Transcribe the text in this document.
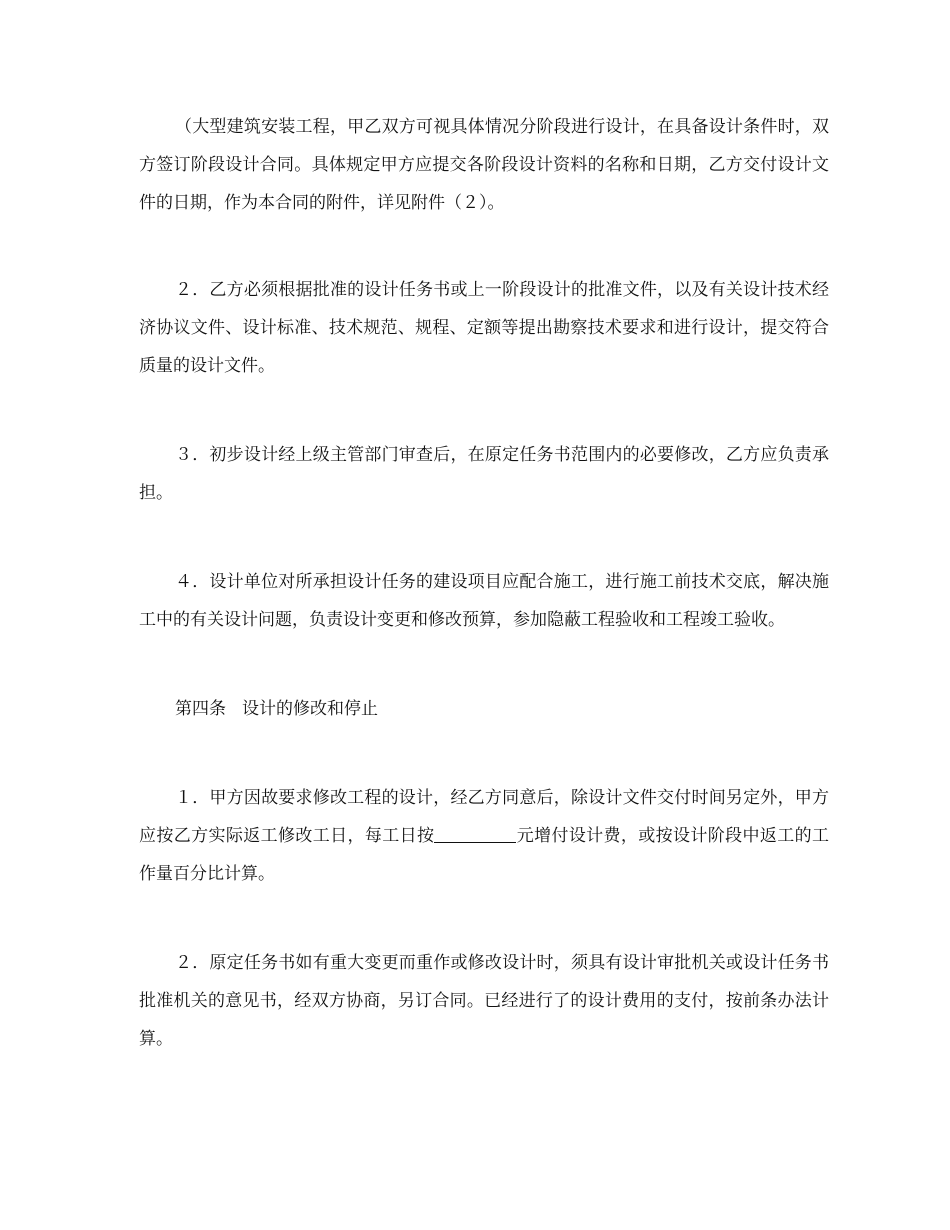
（大型建筑安装工程，甲乙双方可视具体情况分阶段进行设计，在具备设计条件时，双方签订阶段设计合同。具体规定甲方应提交各阶段设计资料的名称和日期，乙方交付设计文件的日期，作为本合同的附件，详见附件（２）。

２．乙方必须根据批准的设计任务书或上一阶段设计的批准文件，以及有关设计技术经济协议文件、设计标准、技术规范、规程、定额等提出勘察技术要求和进行设计，提交符合质量的设计文件。

３．初步设计经上级主管部门审查后，在原定任务书范围内的必要修改，乙方应负责承担。

４．设计单位对所承担设计任务的建设项目应配合施工，进行施工前技术交底，解决施工中的有关设计问题，负责设计变更和修改预算，参加隐蔽工程验收和工程竣工验收。

第四条 设计的修改和停止

１．甲方因故要求修改工程的设计，经乙方同意后，除设计文件交付时间另定外，甲方应按乙方实际返工修改工日，每工日按	元增付设计费，或按设计阶段中返工的工作量百分比计算。

２．原定任务书如有重大变更而重作或修改设计时，须具有设计审批机关或设计任务书批准机关的意见书，经双方协商，另订合同。已经进行了的设计费用的支付，按前条办法计算。
